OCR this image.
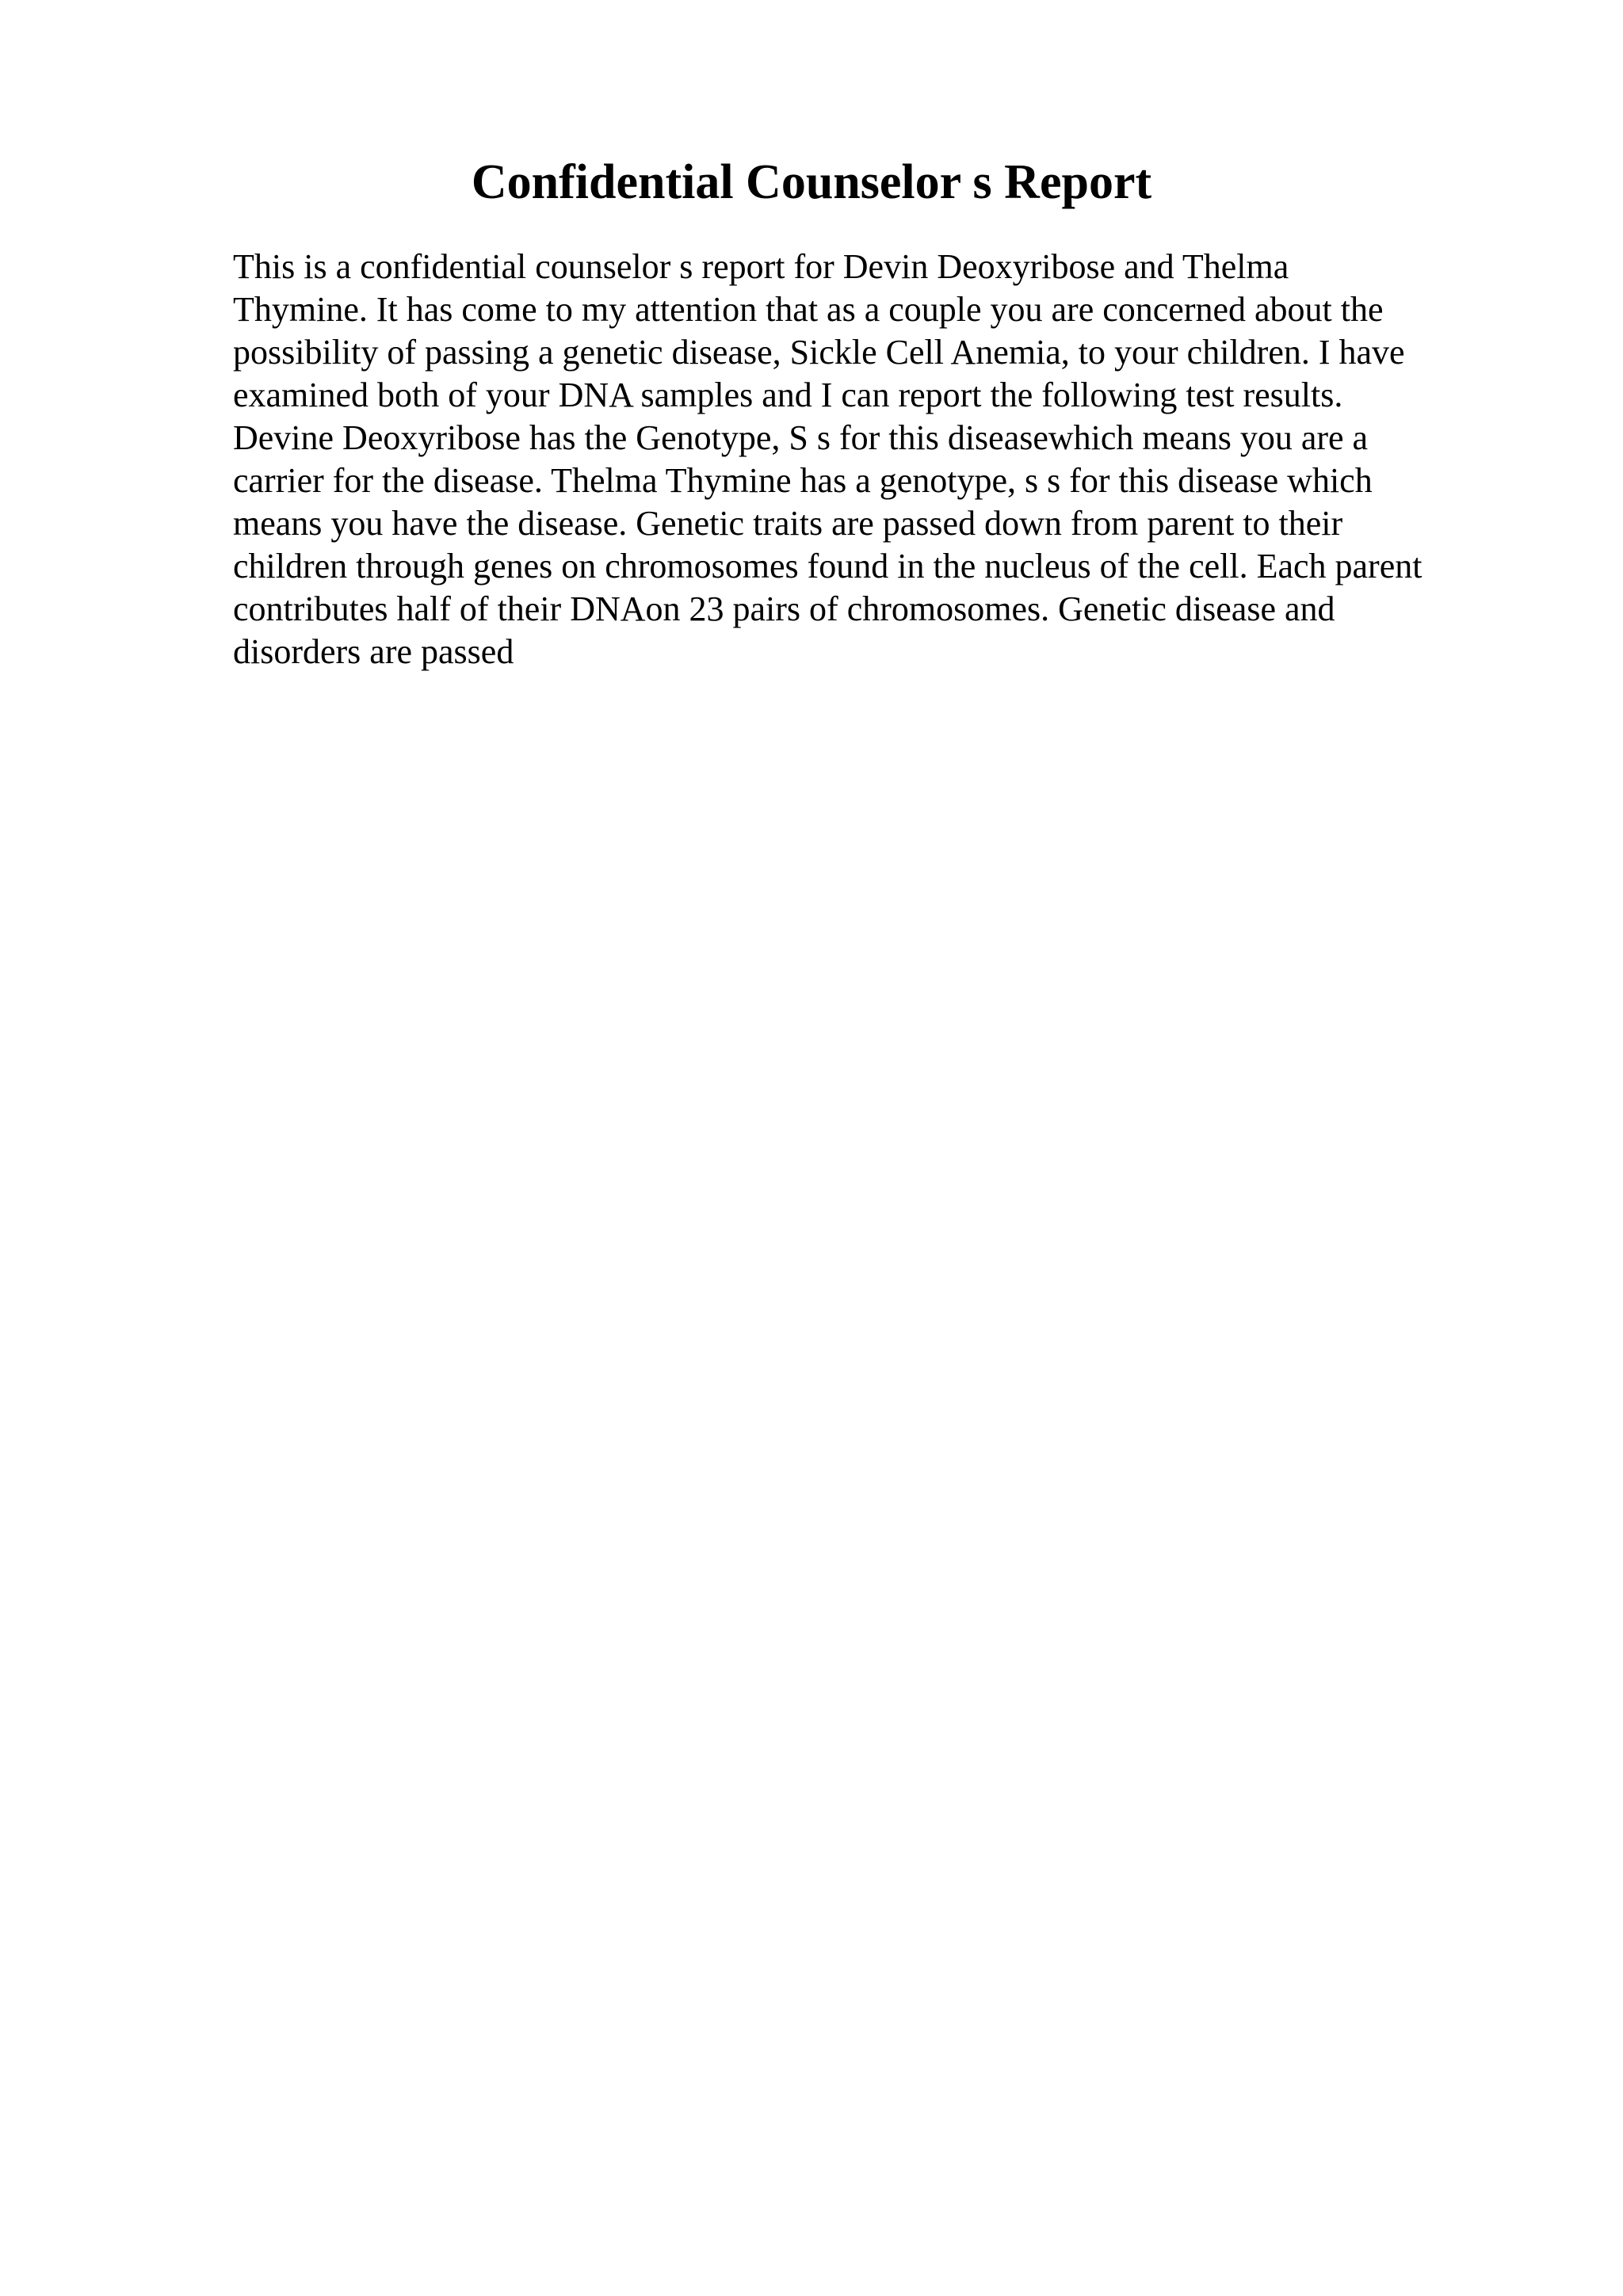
Confidential Counselor s Report
This is a confidential counselor s report for Devin Deoxyribose and Thelma
Thymine. It has come to my attention that as a couple you are concerned about the
possibility of passing a genetic disease, Sickle Cell Anemia, to your children. I have
examined both of your DNA samples and I can report the following test results.
Devine Deoxyribose has the Genotype, S s for this diseasewhich means you are a
carrier for the disease. Thelma Thymine has a genotype, s s for this disease which
means you have the disease. Genetic traits are passed down from parent to their
children through genes on chromosomes found in the nucleus of the cell. Each parent
contributes half of their DNAon 23 pairs of chromosomes. Genetic disease and
disorders are passed
